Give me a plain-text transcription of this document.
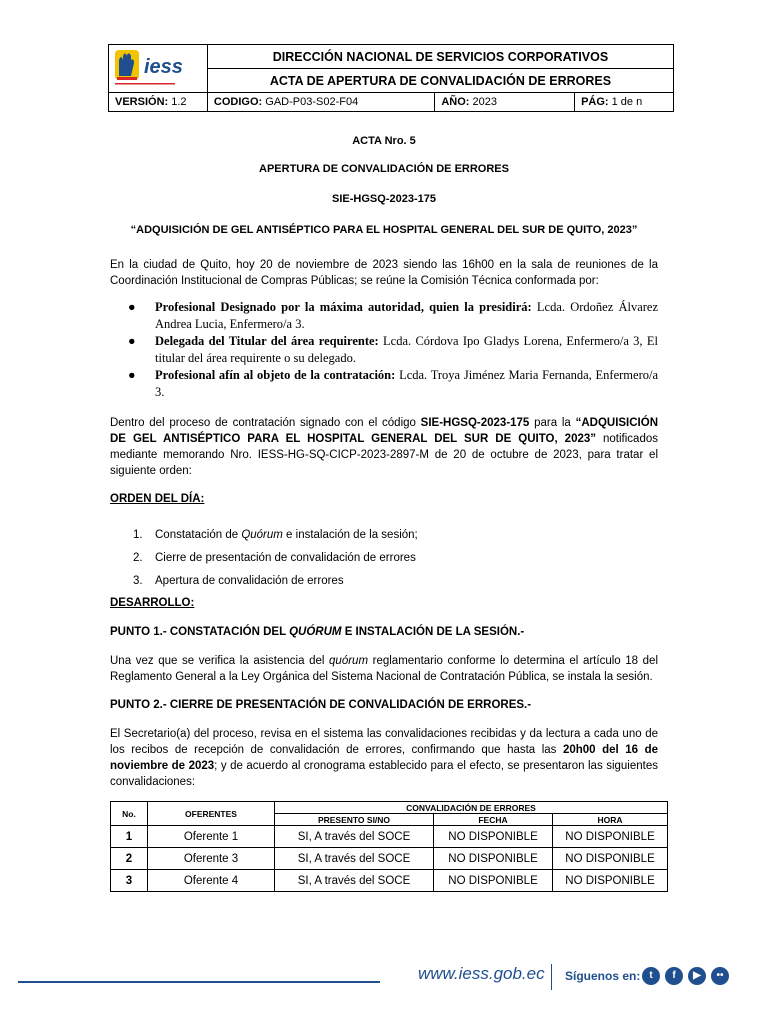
iess	DIRECCIÓN NACIONAL DE SERVICIOS CORPORATIVOS		
	ACTA DE APERTURA DE CONVALIDACIÓN DE ERRORES		
VERSIÓN: 1.2	CODIGO: GAD-P03-S02-F04	AÑO: 2023	PÁG: 1 de n
ACTA Nro. 5
APERTURA DE CONVALIDACIÓN DE ERRORES
SIE-HGSQ-2023-175
“ADQUISICIÓN DE GEL ANTISÉPTICO PARA EL HOSPITAL GENERAL DEL SUR DE QUITO, 2023”
En la ciudad de Quito, hoy 20 de noviembre de 2023 siendo las 16h00 en la sala de reuniones de la Coordinación Institucional de Compras Públicas; se reúne la Comisión Técnica conformada por:
● Profesional Designado por la máxima autoridad, quien la presidirá: Lcda. Ordoñez Álvarez Andrea Lucia, Enfermero/a 3.
● Delegada del Titular del área requirente: Lcda. Córdova Ipo Gladys Lorena, Enfermero/a 3, El titular del área requirente o su delegado.
● Profesional afín al objeto de la contratación: Lcda. Troya Jiménez Maria Fernanda, Enfermero/a 3.
Dentro del proceso de contratación signado con el código SIE-HGSQ-2023-175 para la “ADQUISICIÓN DE GEL ANTISÉPTICO PARA EL HOSPITAL GENERAL DEL SUR DE QUITO, 2023” notificados mediante memorando Nro. IESS-HG-SQ-CICP-2023-2897-M de 20 de octubre de 2023, para tratar el siguiente orden:
ORDEN DEL DÍA:
1. Constatación de Quórum e instalación de la sesión;
2. Cierre de presentación de convalidación de errores
3. Apertura de convalidación de errores
DESARROLLO:
PUNTO 1.- CONSTATACIÓN DEL QUÓRUM E INSTALACIÓN DE LA SESIÓN.-
Una vez que se verifica la asistencia del quórum reglamentario conforme lo determina el artículo 18 del Reglamento General a la Ley Orgánica del Sistema Nacional de Contratación Pública, se instala la sesión.
PUNTO 2.- CIERRE DE PRESENTACIÓN DE CONVALIDACIÓN DE ERRORES.-
El Secretario(a) del proceso, revisa en el sistema las convalidaciones recibidas y da lectura a cada uno de los recibos de recepción de convalidación de errores, confirmando que hasta las 20h00 del 16 de noviembre de 2023; y de acuerdo al cronograma establecido para el efecto, se presentaron las siguientes convalidaciones:
No.	OFERENTES	CONVALIDACIÓN DE ERRORES		
		PRESENTO SI/NO	FECHA	HORA
1	Oferente 1	SI, A través del SOCE	NO DISPONIBLE	NO DISPONIBLE
2	Oferente 3	SI, A través del SOCE	NO DISPONIBLE	NO DISPONIBLE
3	Oferente 4	SI, A través del SOCE	NO DISPONIBLE	NO DISPONIBLE
www.iess.gob.ec Síguenos en: t	f	▶	••
